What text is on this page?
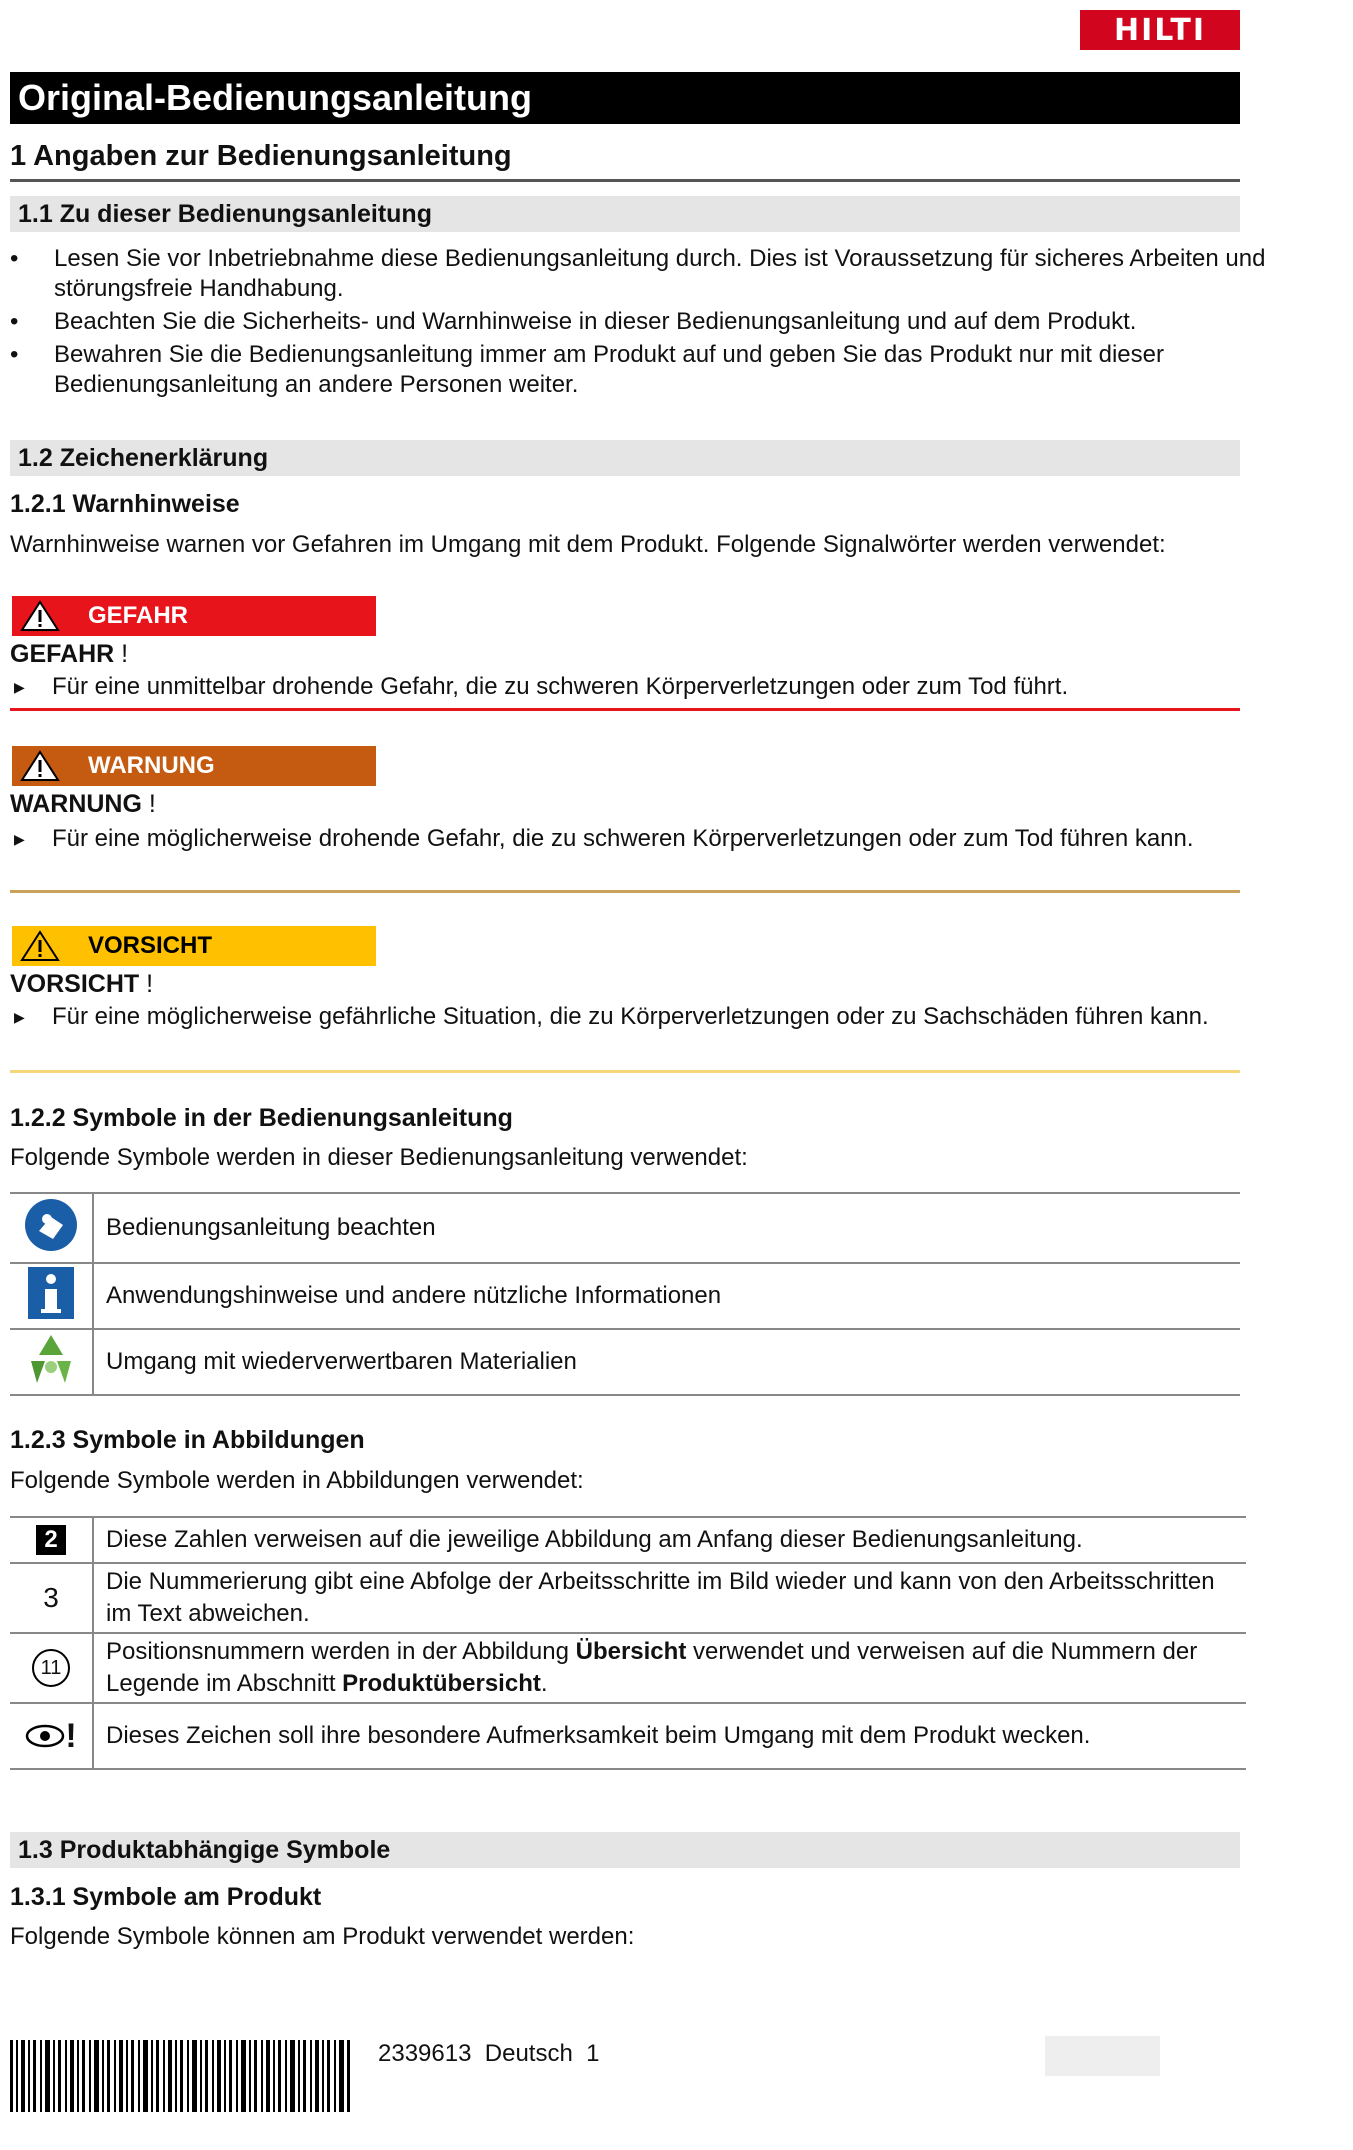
HILTI
Original-Bedienungsanleitung
1 Angaben zur Bedienungsanleitung
1.1 Zu dieser Bedienungsanleitung
• Lesen Sie vor Inbetriebnahme diese Bedienungsanleitung durch. Dies ist Voraussetzung für sicheres Arbeiten und störungsfreie Handhabung.
• Beachten Sie die Sicherheits- und Warnhinweise in dieser Bedienungsanleitung und auf dem Produkt.
• Bewahren Sie die Bedienungsanleitung immer am Produkt auf und geben Sie das Produkt nur mit dieser Bedienungsanleitung an andere Personen weiter.
1.2 Zeichenerklärung
1.2.1 Warnhinweise
Warnhinweise warnen vor Gefahren im Umgang mit dem Produkt. Folgende Signalwörter werden verwendet:
GEFAHR
GEFAHR !
▶ Für eine unmittelbar drohende Gefahr, die zu schweren Körperverletzungen oder zum Tod führt.
WARNUNG
WARNUNG !
▶ Für eine möglicherweise drohende Gefahr, die zu schweren Körperverletzungen oder zum Tod führen kann.
VORSICHT
VORSICHT !
▶ Für eine möglicherweise gefährliche Situation, die zu Körperverletzungen oder zu Sachschäden führen kann.
1.2.2 Symbole in der Bedienungsanleitung
Folgende Symbole werden in dieser Bedienungsanleitung verwendet:
	Bedienungsanleitung beachten
	Anwendungshinweise und andere nützliche Informationen
	Umgang mit wiederverwertbaren Materialien
1.2.3 Symbole in Abbildungen
Folgende Symbole werden in Abbildungen verwendet:
2	Diese Zahlen verweisen auf die jeweilige Abbildung am Anfang dieser Bedienungsanleitung.
3	Die Nummerierung gibt eine Abfolge der Arbeitsschritte im Bild wieder und kann von den Arbeitsschritten im Text abweichen.
11	Positionsnummern werden in der Abbildung Übersicht verwendet und verweisen auf die Nummern der Legende im Abschnitt Produktübersicht.
!	Dieses Zeichen soll ihre besondere Aufmerksamkeit beim Umgang mit dem Produkt wecken.
1.3 Produktabhängige Symbole
1.3.1 Symbole am Produkt
Folgende Symbole können am Produkt verwendet werden:
2339613 Deutsch 1
